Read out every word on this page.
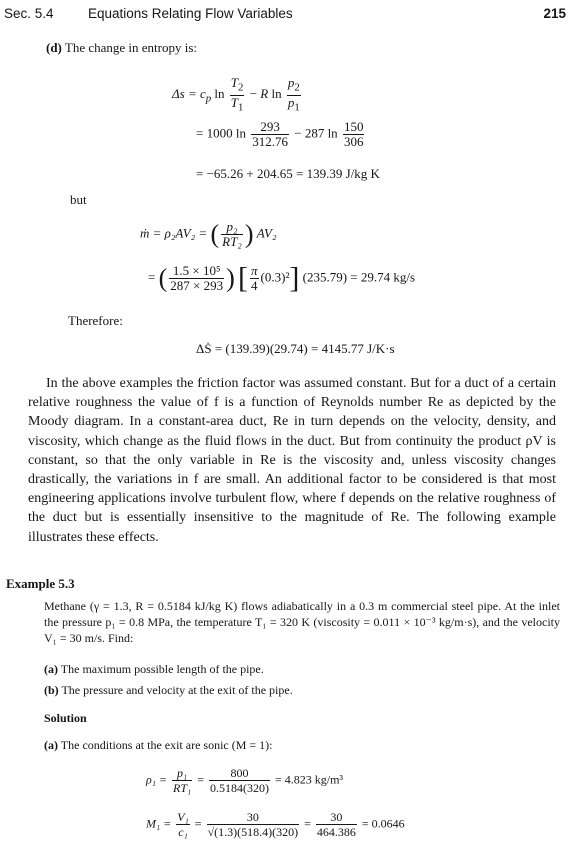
Sec. 5.4	Equations Relating Flow Variables	215
(d) The change in entropy is:
$\Delta s = c_p$ $\ln \frac{T_2}{T_1} - R$ $\ln \frac{p_2}{p_1}$
= 1000 $\ln \frac{293}{312.76} - 287$ $\ln \frac{150}{306}$
= −65.26 + 204.65 = 139.39 J/kg K
but
ṁ = ρ₂AV₂ = ( $\frac{\text{p₂}}{\text{RT₂}}$ ) AV₂
= ( $\frac{\text{1.5 × 10⁵}}{287 \times 293}$ ) [ $\frac{\pi}{4} (0.3)^2$] (235.79) = 29.74 kg/s
Therefore:
ΔṠ = (139.39)(29.74) = 4145.77 J/K·s

In the above examples the friction factor was assumed constant. But for a duct of a certain relative roughness the value of f is a function of Reynolds number Re as depicted by the Moody diagram. In a constant-area duct, Re in turn depends on the velocity, density, and viscosity, which change as the fluid flows in the duct. But from continuity the product ρV is constant, so that the only variable in Re is the viscosity and, unless viscosity changes drastically, the variations in f are small. An additional factor to be considered is that most engineering applications involve turbulent flow, where f depends on the relative roughness of the duct but is essentially insensitive to the magnitude of Re. The following example illustrates these effects.

Example 5.3

Methane (γ = 1.3, R = 0.5184 kJ/kg K) flows adiabatically in a 0.3 m commercial steel pipe. At the inlet the pressure p₁ = 0.8 MPa, the temperature T₁ = 320 K (viscosity = 0.011 × 10⁻³ kg/m·s), and the velocity V₁ = 30 m/s. Find:

(a) The maximum possible length of the pipe.
(b) The pressure and velocity at the exit of the pipe.
Solution
(a) The conditions at the exit are sonic (M = 1):
$\rho_1 = \frac{\text{p₁}}{\text{RT₁}} = \frac{800}{0.5184(320)} = 4.823$ kg/m³
$M_1 = \frac{\text{V₁}}{\text{c₁}} = \frac{30}{√(1.3)(518.4)(320)} = \frac{30}{464.386} = 0.0646$
